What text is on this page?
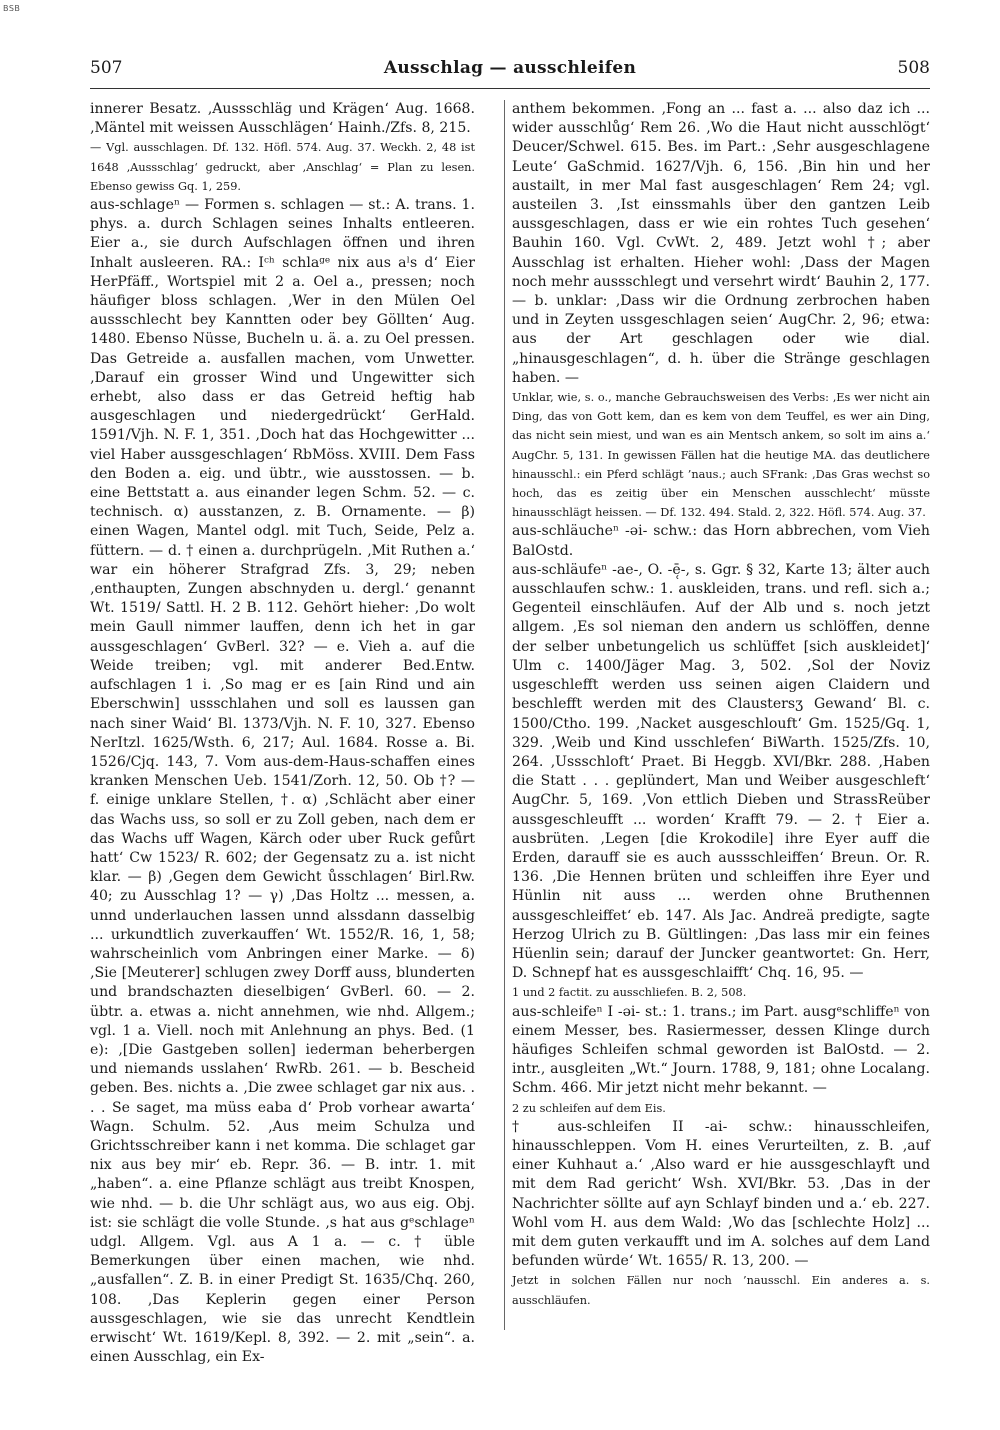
BSB
507	Ausschlag — ausschleifen	508

innerer Besatz. ‚Aussschläg und Krägen‘ Aug. 1668. ‚Mäntel mit weissen Ausschlägen‘ Hainh./Zfs. 8, 215.

— Vgl. ausschlagen. Df. 132. Höfl. 574. Aug. 37. Weckh. 2, 48 ist 1648 ‚Aussschlag‘ gedruckt, aber ‚Anschlag‘ = Plan zu lesen. Ebenso gewiss Gq. 1, 259.

aus-schlageⁿ — Formen s. schlagen — st.: A. trans. 1. phys. a. durch Schlagen seines Inhalts entleeren. Eier a., sie durch Aufschlagen öffnen und ihren Inhalt ausleeren. RA.: Iᶜʰ schlaᵍᵉ nix aus aˡs d‘ Eier HerPfäff., Wortspiel mit 2 a. Oel a., pressen; noch häufiger bloss schlagen. ‚Wer in den Mülen Oel aussschlecht bey Kanntten oder bey Göllten‘ Aug. 1480. Ebenso Nüsse, Bucheln u. ä. a. zu Oel pressen. Das Getreide a. ausfallen machen, vom Unwetter. ‚Darauf ein grosser Wind und Ungewitter sich erhebt, also dass er das Getreid heftig hab ausgeschlagen und niedergedrückt‘ GerHald. 1591/Vjh. N. F. 1, 351. ‚Doch hat das Hochgewitter ... viel Haber aussgeschlagen‘ RbMöss. XVIII. Dem Fass den Boden a. eig. und übtr., wie ausstossen. — b. eine Bettstatt a. aus einander legen Schm. 52. — c. technisch. α) ausstanzen, z. B. Ornamente. — β) einen Wagen, Mantel odgl. mit Tuch, Seide, Pelz a. füttern. — d. † einen a. durchprügeln. ‚Mit Ruthen a.‘ war ein höherer Strafgrad Zfs. 3, 29; neben ‚enthaupten, Zungen abschnyden u. dergl.‘ genannt Wt. 1519/ Sattl. H. 2 B. 112. Gehört hieher: ‚Do wolt mein Gaull nimmer lauffen, denn ich het in gar aussgeschlagen‘ GvBerl. 32? — e. Vieh a. auf die Weide treiben; vgl. mit anderer Bed.Entw. aufschlagen 1 i. ‚So mag er es [ain Rind und ain Eberschwin] ussschlahen und soll es laussen gan nach siner Waid‘ Bl. 1373/Vjh. N. F. 10, 327. Ebenso NerItzl. 1625/Wsth. 6, 217; Aul. 1684. Rosse a. Bi. 1526/Cjq. 143, 7. Vom aus-dem-Haus-schaffen eines kranken Menschen Ueb. 1541/Zorh. 12, 50. Ob †? — f. einige unklare Stellen, †. α) ‚Schlächt aber einer das Wachs uss, so soll er zu Zoll geben, nach dem er das Wachs uff Wagen, Kärch oder uber Ruck gefůrt hatt‘ Cw 1523/ R. 602; der Gegensatz zu a. ist nicht klar. — β) ‚Gegen dem Gewicht ůsschlagen‘ Birl.Rw. 40; zu Ausschlag 1? — γ) ‚Das Holtz ... messen, a. unnd underlauchen lassen unnd alssdann dasselbig ... urkundtlich zuverkauffen‘ Wt. 1552/R. 16, 1, 58; wahrscheinlich vom Anbringen einer Marke. — δ) ‚Sie [Meuterer] schlugen zwey Dorff auss, blunderten und brandschazten dieselbigen‘ GvBerl. 60. — 2. übtr. a. etwas a. nicht annehmen, wie nhd. Allgem.; vgl. 1 a. Viell. noch mit Anlehnung an phys. Bed. (1 e): ‚[Die Gastgeben sollen] iederman beherbergen und niemands usslahen‘ RwRb. 261. — b. Bescheid geben. Bes. nichts a. ‚Die zwee schlaget gar nix aus. . . . Se saget, ma müss eaba d‘ Prob vorhear awarta‘ Wagn. Schulm. 52. ‚Aus meim Schulza und Grichtsschreiber kann i net komma. Die schlaget gar nix aus bey mir‘ eb. Repr. 36. — B. intr. 1. mit „haben“. a. eine Pflanze schlägt aus treibt Knospen, wie nhd. — b. die Uhr schlägt aus, wo aus eig. Obj. ist: sie schlägt die volle Stunde. ‚s hat aus gᵉschlageⁿ udgl. Allgem. Vgl. aus A 1 a. — c. † üble Bemerkungen über einen machen, wie nhd. „ausfallen“. Z. B. in einer Predigt St. 1635/Chq. 260, 108. ‚Das Keplerin gegen einer Person aussgeschlagen, wie sie das unrecht Kendtlein erwischt‘ Wt. 1619/Kepl. 8, 392. — 2. mit „sein“. a. einen Ausschlag, ein Ex-

anthem bekommen. ‚Fong an ... fast a. ... also daz ich ... wider ausschlůg‘ Rem 26. ‚Wo die Haut nicht ausschlögt‘ Deucer/Schwel. 615. Bes. im Part.: ‚Sehr ausgeschlagene Leute‘ GaSchmid. 1627/Vjh. 6, 156. ‚Bin hin und her austailt, in mer Mal fast ausgeschlagen‘ Rem 24; vgl. austeilen 3. ‚Ist einssmahls über den gantzen Leib aussgeschlagen, dass er wie ein rohtes Tuch gesehen‘ Bauhin 160. Vgl. CvWt. 2, 489. Jetzt wohl †; aber Ausschlag ist erhalten. Hieher wohl: ‚Dass der Magen noch mehr aussschlegt und versehrt wirdt‘ Bauhin 2, 177. — b. unklar: ‚Dass wir die Ordnung zerbrochen haben und in Zeyten ussgeschlagen seien‘ AugChr. 2, 96; etwa: aus der Art geschlagen oder wie dial. „hinausgeschlagen“, d. h. über die Stränge geschlagen haben. —

Unklar, wie, s. o., manche Gebrauchsweisen des Verbs: ‚Es wer nicht ain Ding, das von Gott kem, dan es kem von dem Teuffel, es wer ain Ding, das nicht sein miest, und wan es ain Mentsch ankem, so solt im ains a.‘ AugChr. 5, 131. In gewissen Fällen hat die heutige MA. das deutlichere hinausschl.: ein Pferd schlägt ’naus.; auch SFrank: ‚Das Gras wechst so hoch, das es zeitig über ein Menschen ausschlecht‘ müsste hinausschlägt heissen. — Df. 132. 494. Stald. 2, 322. Höfl. 574. Aug. 37.

aus-schläucheⁿ -əi- schw.: das Horn abbrechen, vom Vieh BalOstd.

aus-schläufeⁿ -ae-, O. -ē̜-, s. Ggr. § 32, Karte 13; älter auch ausschlaufen schw.: 1. auskleiden, trans. und refl. sich a.; Gegenteil einschläufen. Auf der Alb und s. noch jetzt allgem. ‚Es sol nieman den andern us schlöffen, denne der selber unbetungelich us schlüffet [sich auskleidet]‘ Ulm c. 1400/Jäger Mag. 3, 502. ‚Sol der Noviz usgeschlefft werden uss seinen aigen Claidern und beschlefft werden mit des Claustersʒ Gewand‘ Bl. c. 1500/Ctho. 199. ‚Nacket ausgeschlouft‘ Gm. 1525/Gq. 1, 329. ‚Weib und Kind usschlefen‘ BiWarth. 1525/Zfs. 10, 264. ‚Ussschloft‘ Praet. Bi Heggb. XVI/Bkr. 288. ‚Haben die Statt . . . geplündert, Man und Weiber ausgeschleft‘ AugChr. 5, 169. ‚Von ettlich Dieben und StrassReüber aussgeschleufft ... worden‘ Krafft 79. — 2. † Eier a. ausbrüten. ‚Legen [die Krokodile] ihre Eyer auff die Erden, darauff sie es auch aussschleiffen‘ Breun. Or. R. 136. ‚Die Hennen brüten und schleiffen ihre Eyer und Hünlin nit auss ... werden ohne Bruthennen aussgeschleiffet‘ eb. 147. Als Jac. Andreä predigte, sagte Herzog Ulrich zu B. Gültlingen: ‚Das lass mir ein feines Hüenlin sein; darauf der Juncker geantwortet: Gn. Herr, D. Schnepf hat es aussgeschlaifft‘ Chq. 16, 95. —

1 und 2 factit. zu ausschliefen. B. 2, 508.

aus-schleifeⁿ I -əi- st.: 1. trans.; im Part. ausgᵉschliffeⁿ von einem Messer, bes. Rasiermesser, dessen Klinge durch häufiges Schleifen schmal geworden ist BalOstd. — 2. intr., ausgleiten „Wt.“ Journ. 1788, 9, 181; ohne Localang. Schm. 466. Mir jetzt nicht mehr bekannt. —

2 zu schleifen auf dem Eis.

† aus-schleifen II -ai- schw.: hinausschleifen, hinausschleppen. Vom H. eines Verurteilten, z. B. ‚auf einer Kuhhaut a.‘ ‚Also ward er hie aussgeschlayft und mit dem Rad gericht‘ Wsh. XVI/Bkr. 53. ‚Das in der Nachrichter söllte auf ayn Schlayf binden und a.‘ eb. 227. Wohl vom H. aus dem Wald: ‚Wo das [schlechte Holz] ... mit dem guten verkaufft und im A. solches auf dem Land befunden würde‘ Wt. 1655/ R. 13, 200. —

Jetzt in solchen Fällen nur noch ’nausschl. Ein anderes a. s. ausschläufen.
